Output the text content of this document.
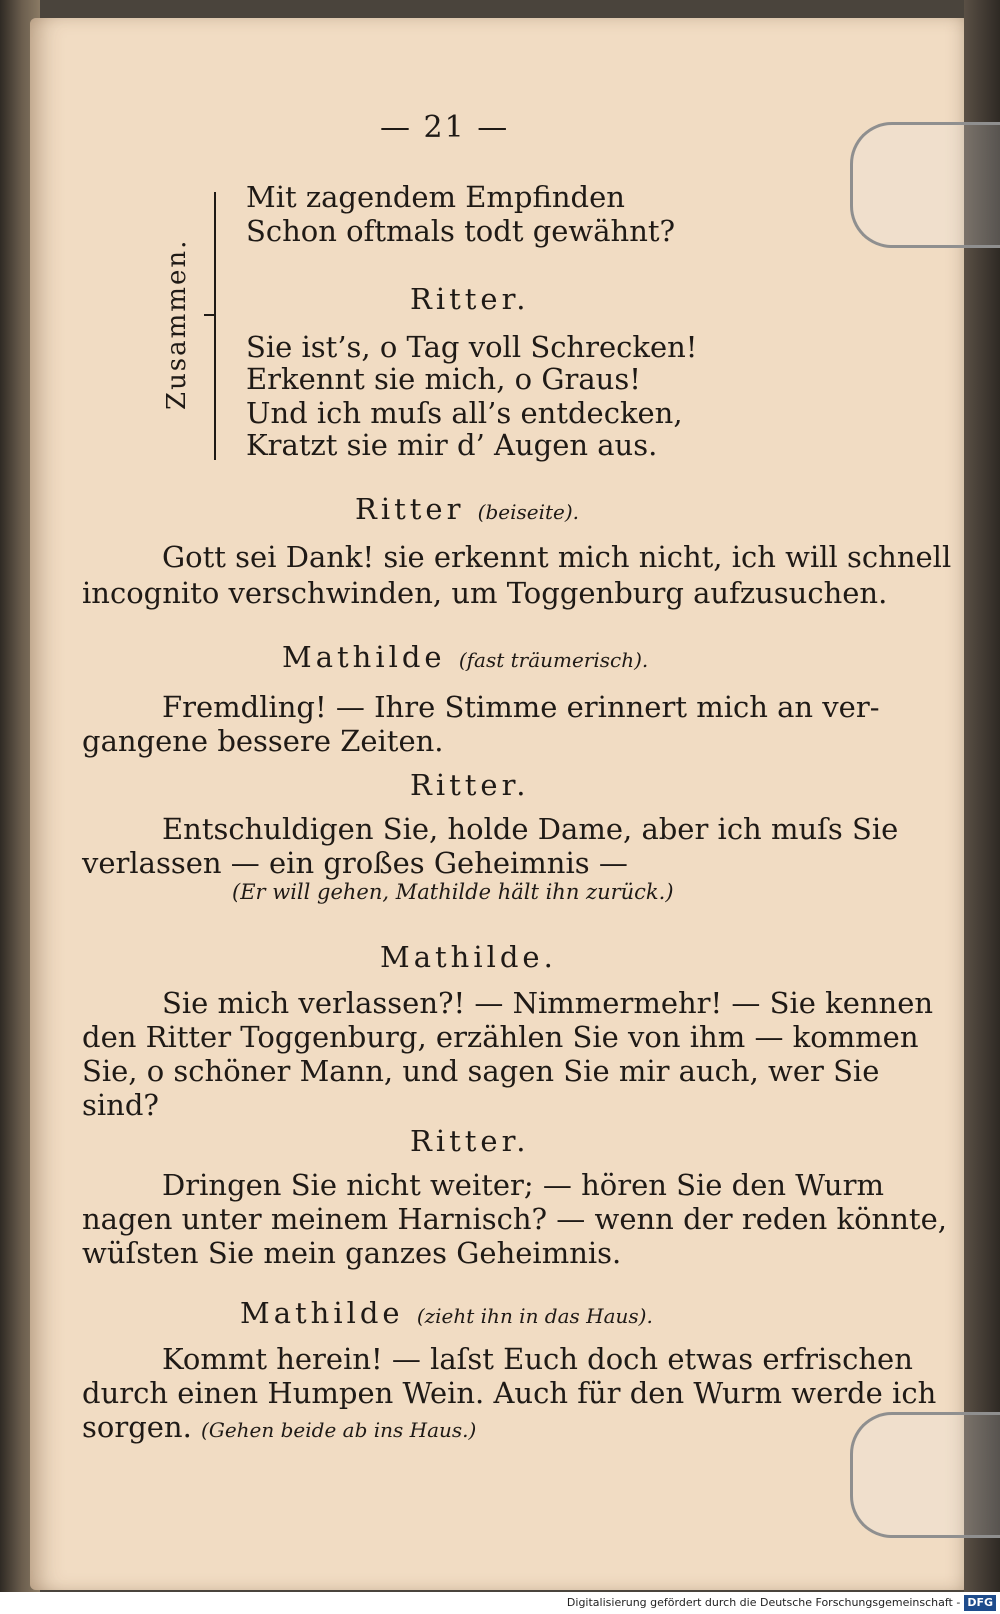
— 21 —
Zusammen.
Mit zagendem Empfinden
Schon oftmals todt gewähnt?
Ritter.
Sie ist’s, o Tag voll Schrecken!
Erkennt sie mich, o Graus!
Und ich muſs all’s entdecken,
Kratzt sie mir d’ Augen aus.
Ritter (beiseite).
Gott sei Dank! sie erkennt mich nicht, ich will schnell
incognito verschwinden, um Toggenburg aufzusuchen.
Mathilde (fast träumerisch).
Fremdling! — Ihre Stimme erinnert mich an ver-
gangene bessere Zeiten.
Ritter.
Entschuldigen Sie, holde Dame, aber ich muſs Sie
verlassen — ein großes Geheimnis —
(Er will gehen, Mathilde hält ihn zurück.)
Mathilde.
Sie mich verlassen?! — Nimmermehr! — Sie kennen
den Ritter Toggenburg, erzählen Sie von ihm — kommen
Sie, o schöner Mann, und sagen Sie mir auch, wer Sie
sind?
Ritter.
Dringen Sie nicht weiter; — hören Sie den Wurm
nagen unter meinem Harnisch? — wenn der reden könnte,
wüſsten Sie mein ganzes Geheimnis.
Mathilde (zieht ihn in das Haus).
Kommt herein! — laſst Euch doch etwas erfrischen
durch einen Humpen Wein. Auch für den Wurm werde ich
sorgen. (Gehen beide ab ins Haus.)
Digitalisierung gefördert durch die Deutsche Forschungsgemeinschaft - DFG
